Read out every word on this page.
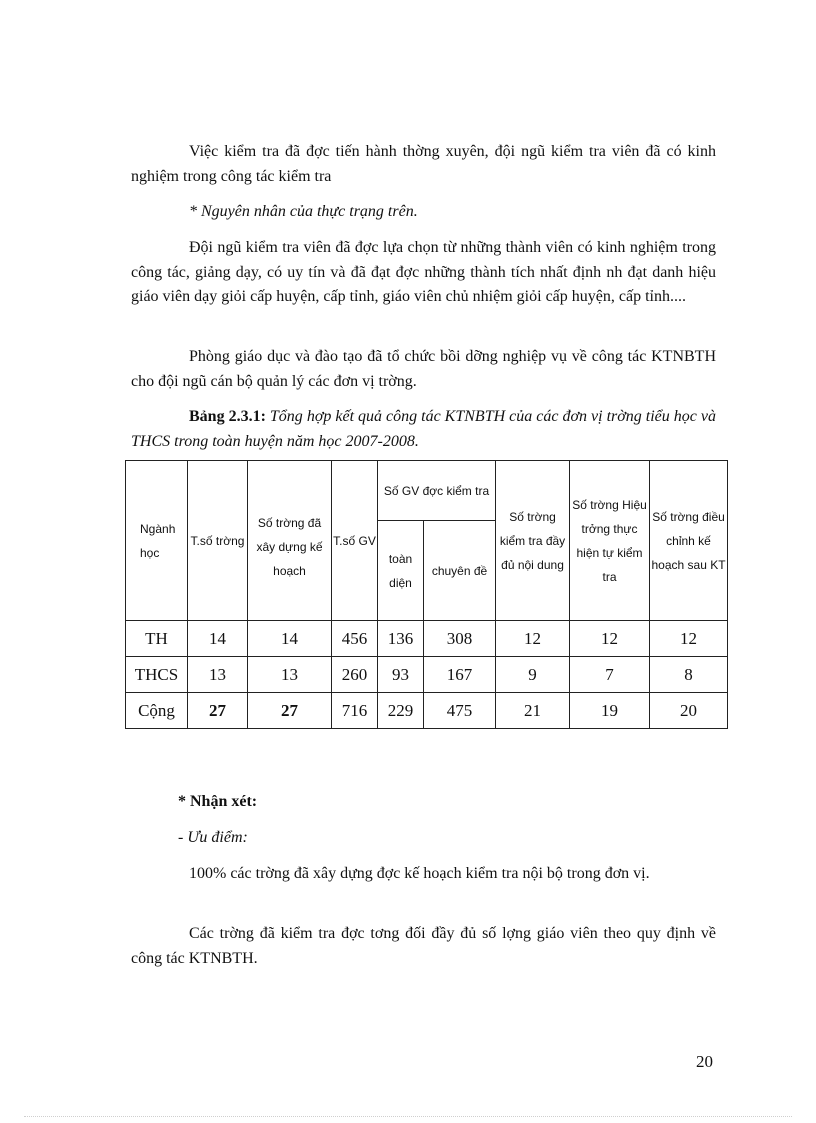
Việc kiểm tra đã đợc tiến hành thờng xuyên, đội ngũ kiểm tra viên đã có kinh nghiệm trong công tác kiểm tra

* Nguyên nhân của thực trạng trên.

Đội ngũ kiểm tra viên đã đợc lựa chọn từ những thành viên có kinh nghiệm trong công tác, giảng dạy, có uy tín và đã đạt đợc những thành tích nhất định nh đạt danh hiệu giáo viên dạy giỏi cấp huyện, cấp tỉnh, giáo viên chủ nhiệm giỏi cấp huyện, cấp tỉnh....

Phòng giáo dục và đào tạo đã tổ chức bồi dỡng nghiệp vụ về công tác KTNBTH cho đội ngũ cán bộ quản lý các đơn vị trờng.

Bảng 2.3.1: Tổng hợp kết quả công tác KTNBTH của các đơn vị trờng tiểu học và THCS trong toàn huyện năm học 2007-2008.

Ngành học	T.số trờng	Số trờng đã xây dựng kế hoạch	T.số GV	Số GV đợc kiểm tra		Số trờng kiểm tra đầy đủ nội dung	Số trờng Hiệu trởng thực hiện tự kiểm tra	Số trờng điều chỉnh kế hoạch sau KT
				toàn diện	chuyên đề			
TH	14	14	456	136	308	12	12	12
THCS	13	13	260	93	167	9	7	8
Cộng	27	27	716	229	475	21	19	20

* Nhận xét:

- Ưu điểm:

100% các trờng đã xây dựng đợc kế hoạch kiểm tra nội bộ trong đơn vị.

Các trờng đã kiểm tra đợc tơng đối đầy đủ số lợng giáo viên theo quy định về công tác KTNBTH.

20
